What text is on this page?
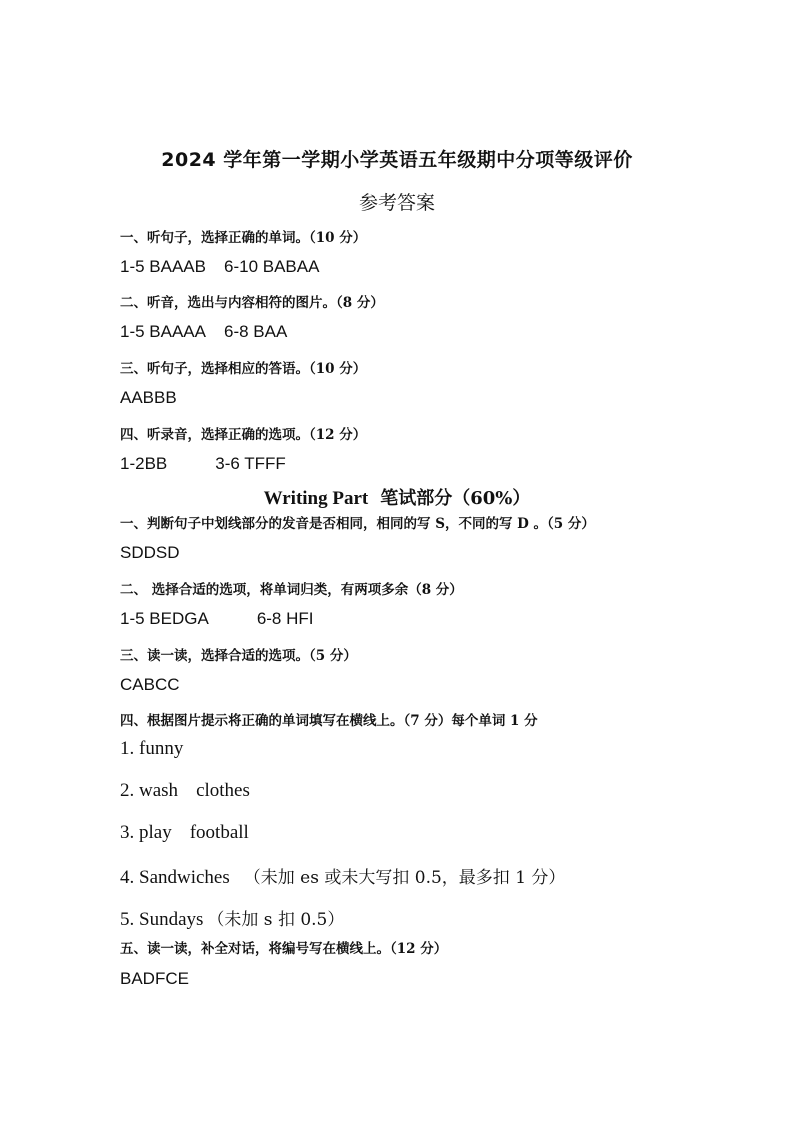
2024 学年第一学期小学英语五年级期中分项等级评价
参考答案
一、听句子，选择正确的单词。（10 分）
1-5 BAAAB 6-10 BABAA
二、听音，选出与内容相符的图片。（8 分）
1-5 BAAAA 6-8 BAA
三、听句子，选择相应的答语。（10 分）
AABBB
四、听录音，选择正确的选项。（12 分）
1-2BB	3-6 TFFF
Writing Part 笔试部分（60%）
一、判断句子中划线部分的发音是否相同，相同的写 S，不同的写 D 。（5 分）
SDDSD
二、 选择合适的选项，将单词归类，有两项多余（8 分）
1-5 BEDGA	6-8 HFI
三、读一读，选择合适的选项。（5 分）
CABCC
四、根据图片提示将正确的单词填写在横线上。（7 分）每个单词 1 分
1. funny
2. wash clothes
3. play football
4. Sandwiches （未加 es 或未大写扣 0.5，最多扣 1 分）
5. Sundays （未加 s 扣 0.5）
五、读一读，补全对话，将编号写在横线上。（12 分）
BADFCE
